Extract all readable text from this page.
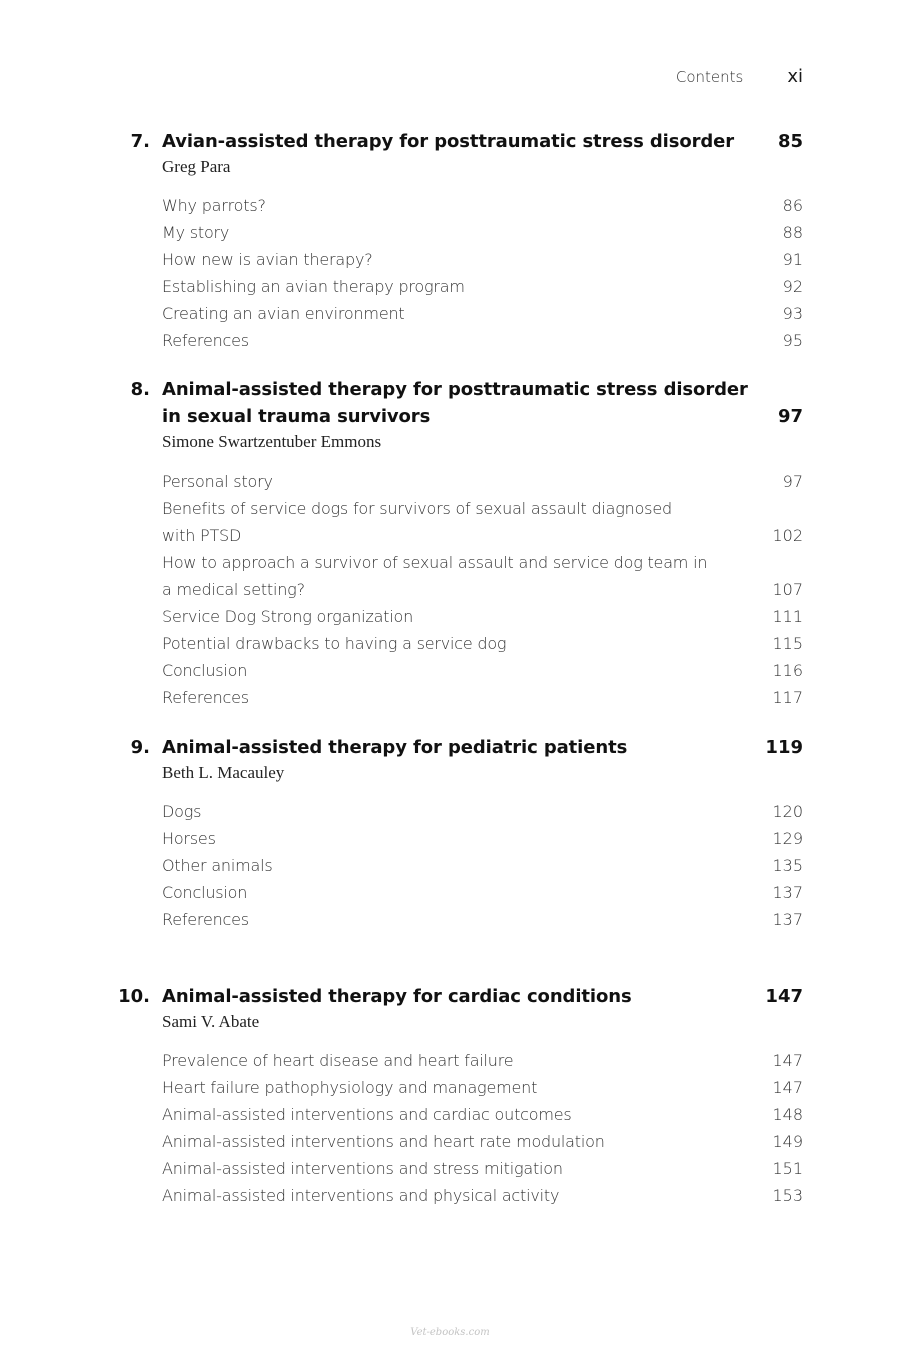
Contents xi
7. Avian-assisted therapy for posttraumatic stress disorder 85
Greg Para
Why parrots?	86
My story	88
How new is avian therapy?	91
Establishing an avian therapy program	92
Creating an avian environment	93
References	95
8. Animal-assisted therapy for posttraumatic stress disorder
in sexual trauma survivors	97
Simone Swartzentuber Emmons
Personal story	97
Benefits of service dogs for survivors of sexual assault diagnosed
with PTSD	102
How to approach a survivor of sexual assault and service dog team in
a medical setting?	107
Service Dog Strong organization	111
Potential drawbacks to having a service dog	115
Conclusion	116
References	117
9. Animal-assisted therapy for pediatric patients	119
Beth L. Macauley
Dogs	120
Horses	129
Other animals	135
Conclusion	137
References	137
10. Animal-assisted therapy for cardiac conditions	147
Sami V. Abate
Prevalence of heart disease and heart failure	147
Heart failure pathophysiology and management	147
Animal-assisted interventions and cardiac outcomes	148
Animal-assisted interventions and heart rate modulation	149
Animal-assisted interventions and stress mitigation	151
Animal-assisted interventions and physical activity	153
Vet-ebooks.com
